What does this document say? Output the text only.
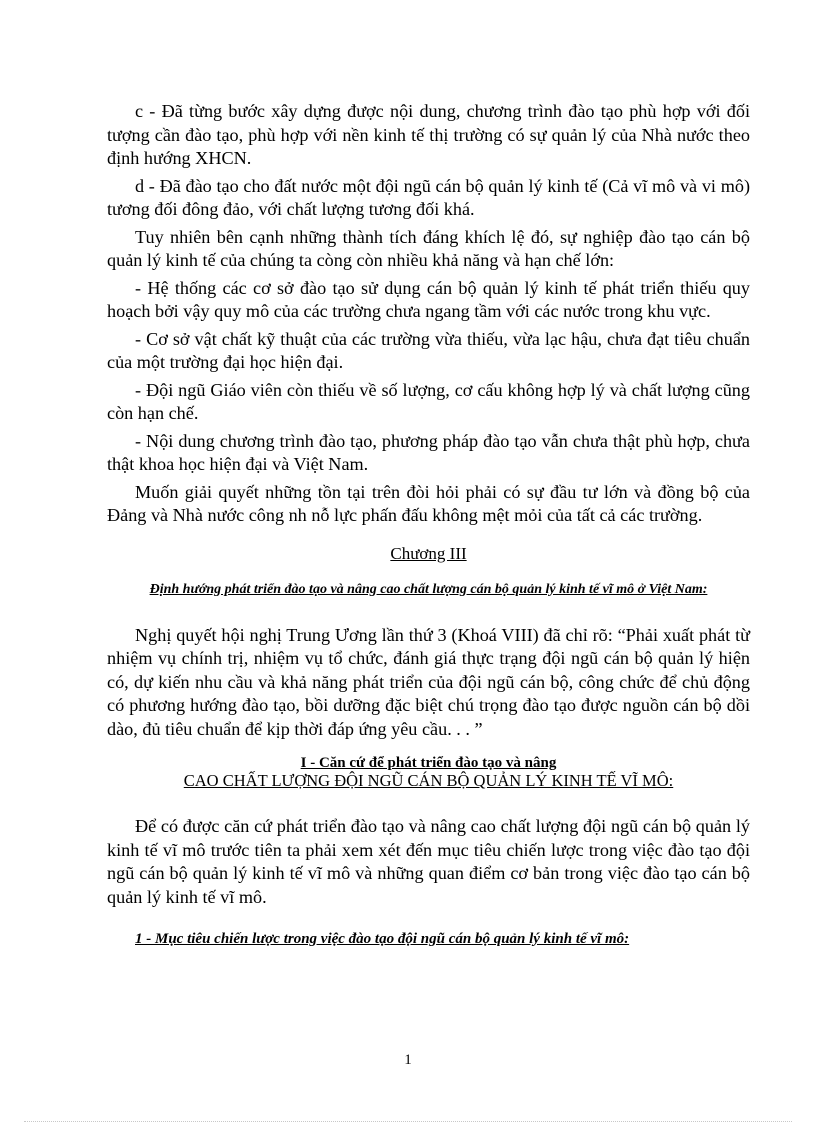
c - Đã từng bước xây dựng được nội dung, chương trình đào tạo phù hợp với đối tượng cần đào tạo, phù hợp với nền kinh tế thị trường có sự quản lý của Nhà nước theo định hướng XHCN.

d - Đã đào tạo cho đất nước một đội ngũ cán bộ quản lý kinh tế (Cả vĩ mô và vi mô) tương đối đông đảo, với chất lượng tương đối khá.

Tuy nhiên bên cạnh những thành tích đáng khích lệ đó, sự nghiệp đào tạo cán bộ quản lý kinh tế của chúng ta còng còn nhiều khả năng và hạn chế lớn:

- Hệ thống các cơ sở đào tạo sử dụng cán bộ quản lý kinh tế phát triển thiếu quy hoạch bởi vậy quy mô của các trường chưa ngang tầm với các nước trong khu vực.

- Cơ sở vật chất kỹ thuật của các trường vừa thiếu, vừa lạc hậu, chưa đạt tiêu chuẩn của một trường đại học hiện đại.

- Đội ngũ Giáo viên còn thiếu về số lượng, cơ cấu không hợp lý và chất lượng cũng còn hạn chế.

- Nội dung chương trình đào tạo, phương pháp đào tạo vẫn chưa thật phù hợp, chưa thật khoa học hiện đại và Việt Nam.

Muốn giải quyết những tồn tại trên đòi hỏi phải có sự đầu tư lớn và đồng bộ của Đảng và Nhà nước công nh nỗ lực phấn đấu không mệt mỏi của tất cả các trường.

Chương III
Định hướng phát triển đào tạo và nâng cao chất lượng cán bộ quản lý kinh tế vĩ mô ở Việt Nam:

Nghị quyết hội nghị Trung Ương lần thứ 3 (Khoá VIII) đã chỉ rõ: “Phải xuất phát từ nhiệm vụ chính trị, nhiệm vụ tổ chức, đánh giá thực trạng đội ngũ cán bộ quản lý hiện có, dự kiến nhu cầu và khả năng phát triển của đội ngũ cán bộ, công chức để chủ động có phương hướng đào tạo, bồi dưỡng đặc biệt chú trọng đào tạo được nguồn cán bộ dồi dào, đủ tiêu chuẩn để kịp thời đáp ứng yêu cầu. . . ”

I - Căn cứ để phát triển đào tạo và nâng
CAO CHẤT LƯỢNG ĐỘI NGŨ CÁN BỘ QUẢN LÝ KINH TẾ VĨ MÔ:

Để có được căn cứ phát triển đào tạo và nâng cao chất lượng đội ngũ cán bộ quản lý kinh tế vĩ mô trước tiên ta phải xem xét đến mục tiêu chiến lược trong việc đào tạo đội ngũ cán bộ quản lý kinh tế vĩ mô và những quan điểm cơ bản trong việc đào tạo cán bộ quản lý kinh tế vĩ mô.

1 - Mục tiêu chiến lược trong việc đào tạo đội ngũ cán bộ quản lý kinh tế vĩ mô:
1
